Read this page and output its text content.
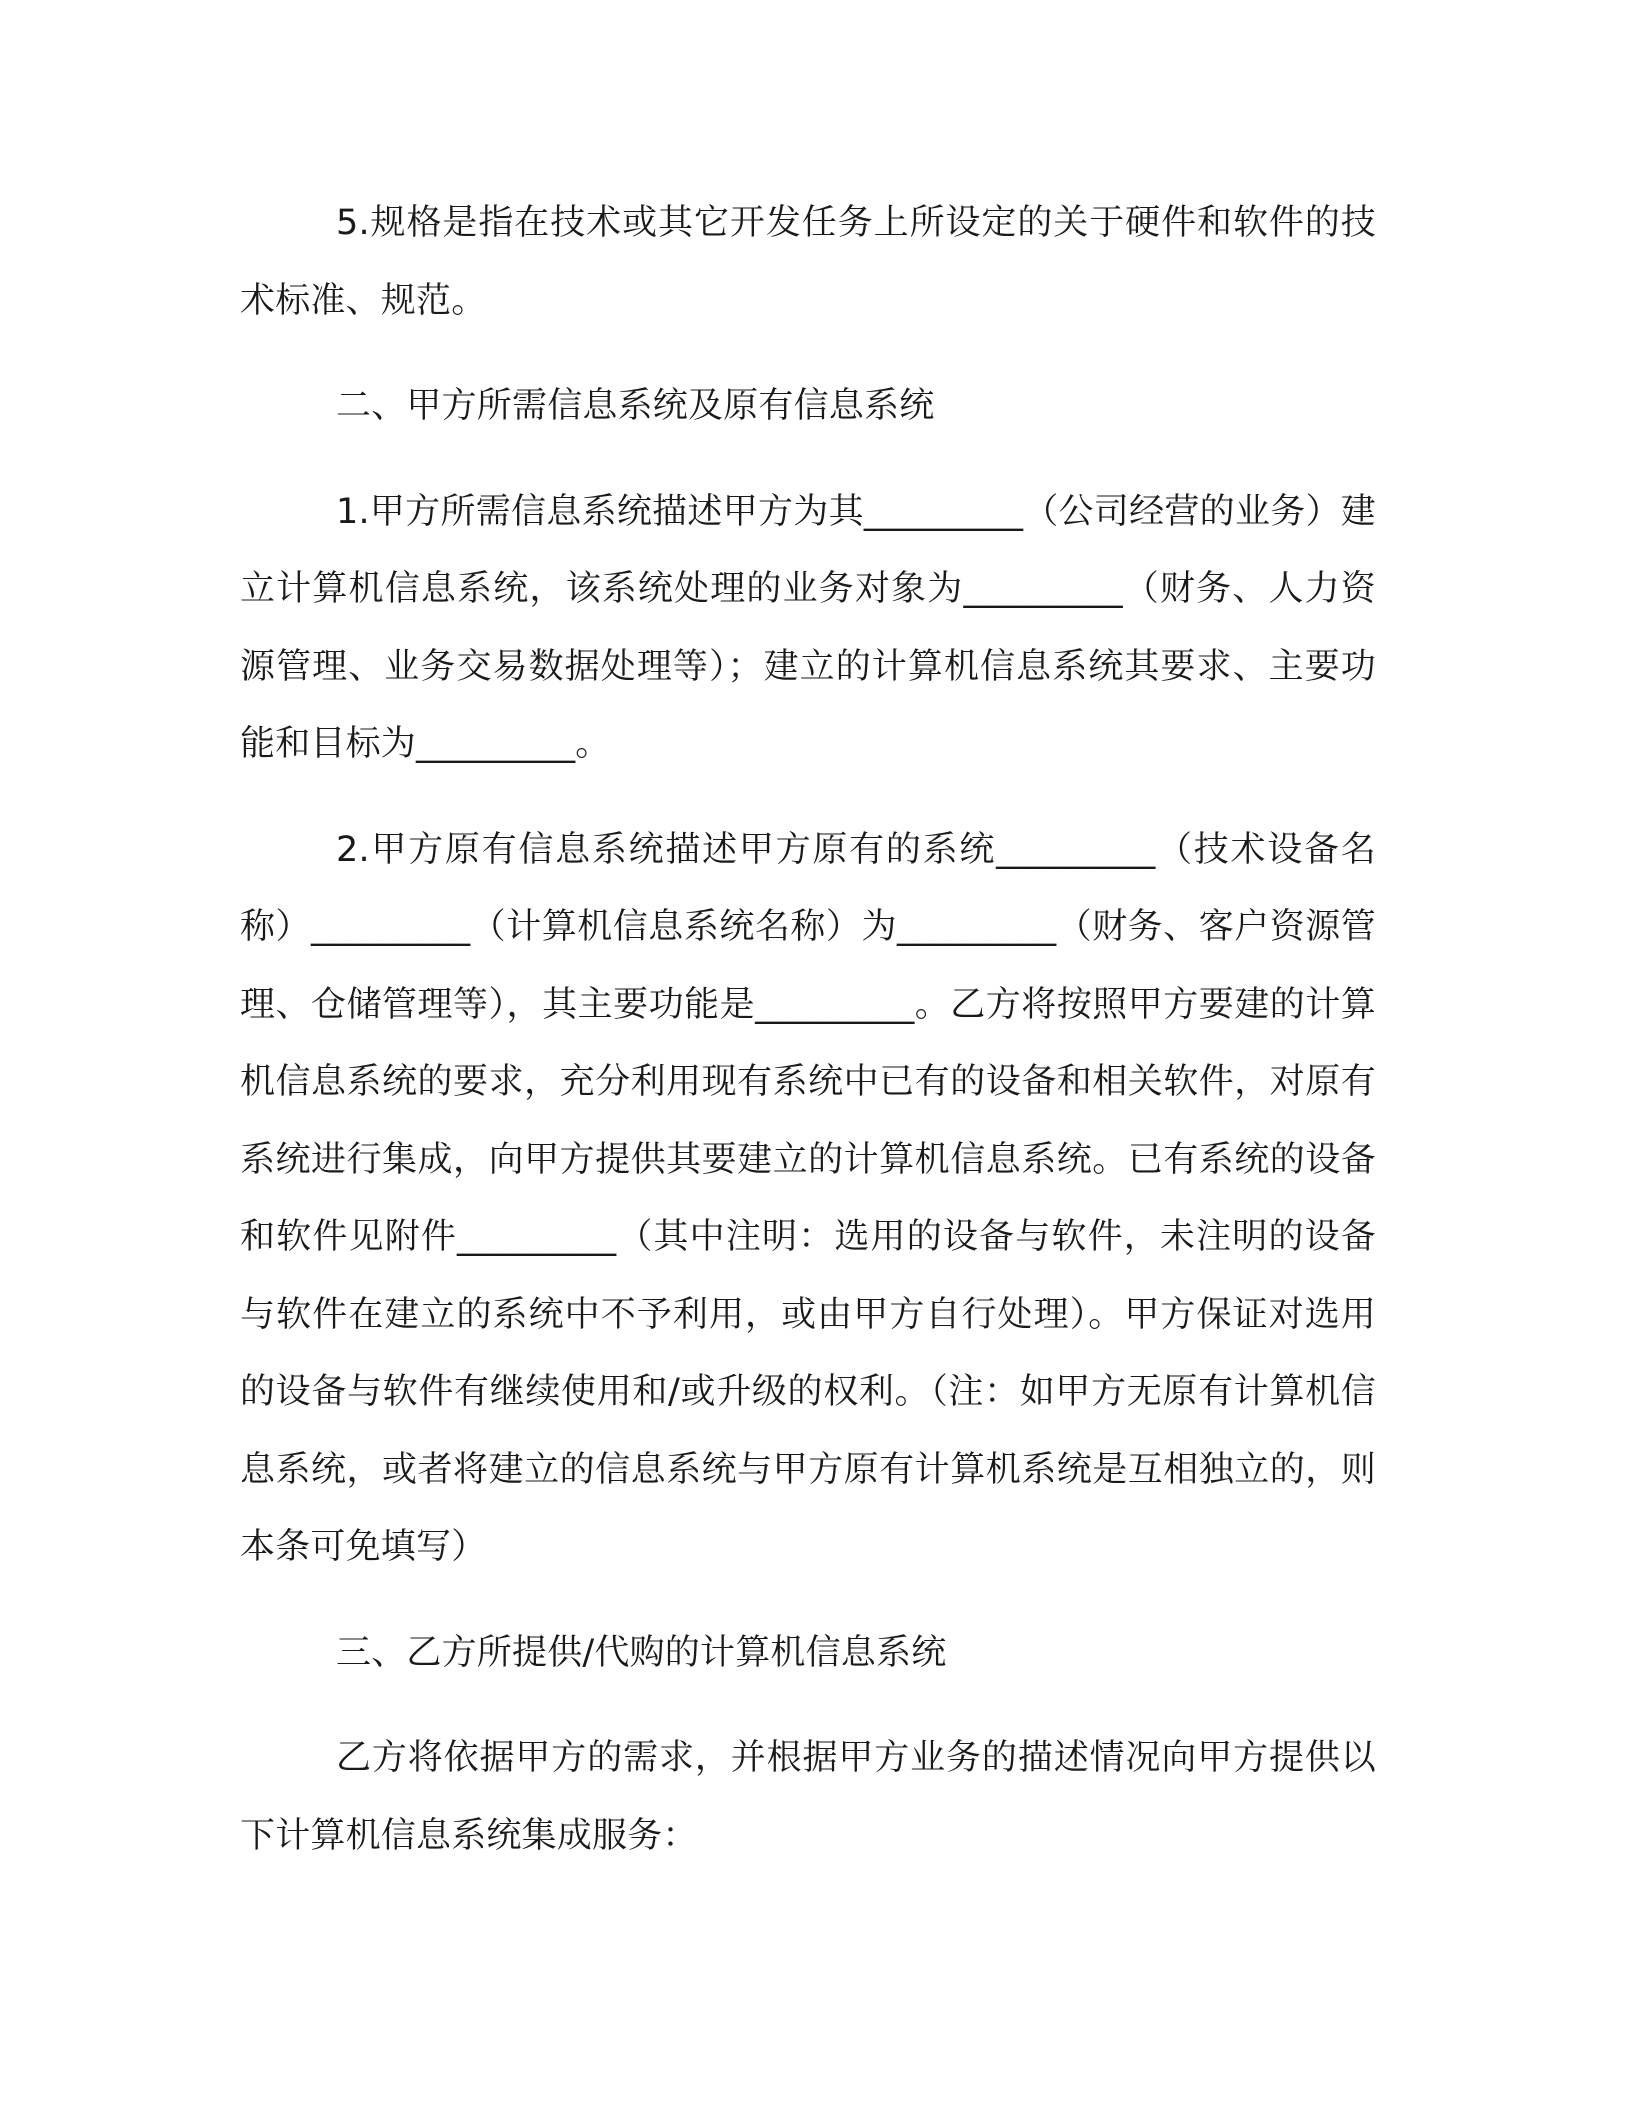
5.规格是指在技术或其它开发任务上所设定的关于硬件和软件的技术标准、规范。

二、甲方所需信息系统及原有信息系统

1.甲方所需信息系统描述甲方为其_________（公司经营的业务）建立计算机信息系统，该系统处理的业务对象为_________（财务、人力资源管理、业务交易数据处理等）；建立的计算机信息系统其要求、主要功能和目标为_________。

2.甲方原有信息系统描述甲方原有的系统_________（技术设备名称）_________（计算机信息系统名称）为_________（财务、客户资源管理、仓储管理等），其主要功能是_________。乙方将按照甲方要建的计算机信息系统的要求，充分利用现有系统中已有的设备和相关软件，对原有系统进行集成，向甲方提供其要建立的计算机信息系统。已有系统的设备和软件见附件_________（其中注明：选用的设备与软件，未注明的设备与软件在建立的系统中不予利用，或由甲方自行处理）。甲方保证对选用的设备与软件有继续使用和/或升级的权利。（注：如甲方无原有计算机信息系统，或者将建立的信息系统与甲方原有计算机系统是互相独立的，则本条可免填写）

三、乙方所提供/代购的计算机信息系统

乙方将依据甲方的需求，并根据甲方业务的描述情况向甲方提供以下计算机信息系统集成服务：
